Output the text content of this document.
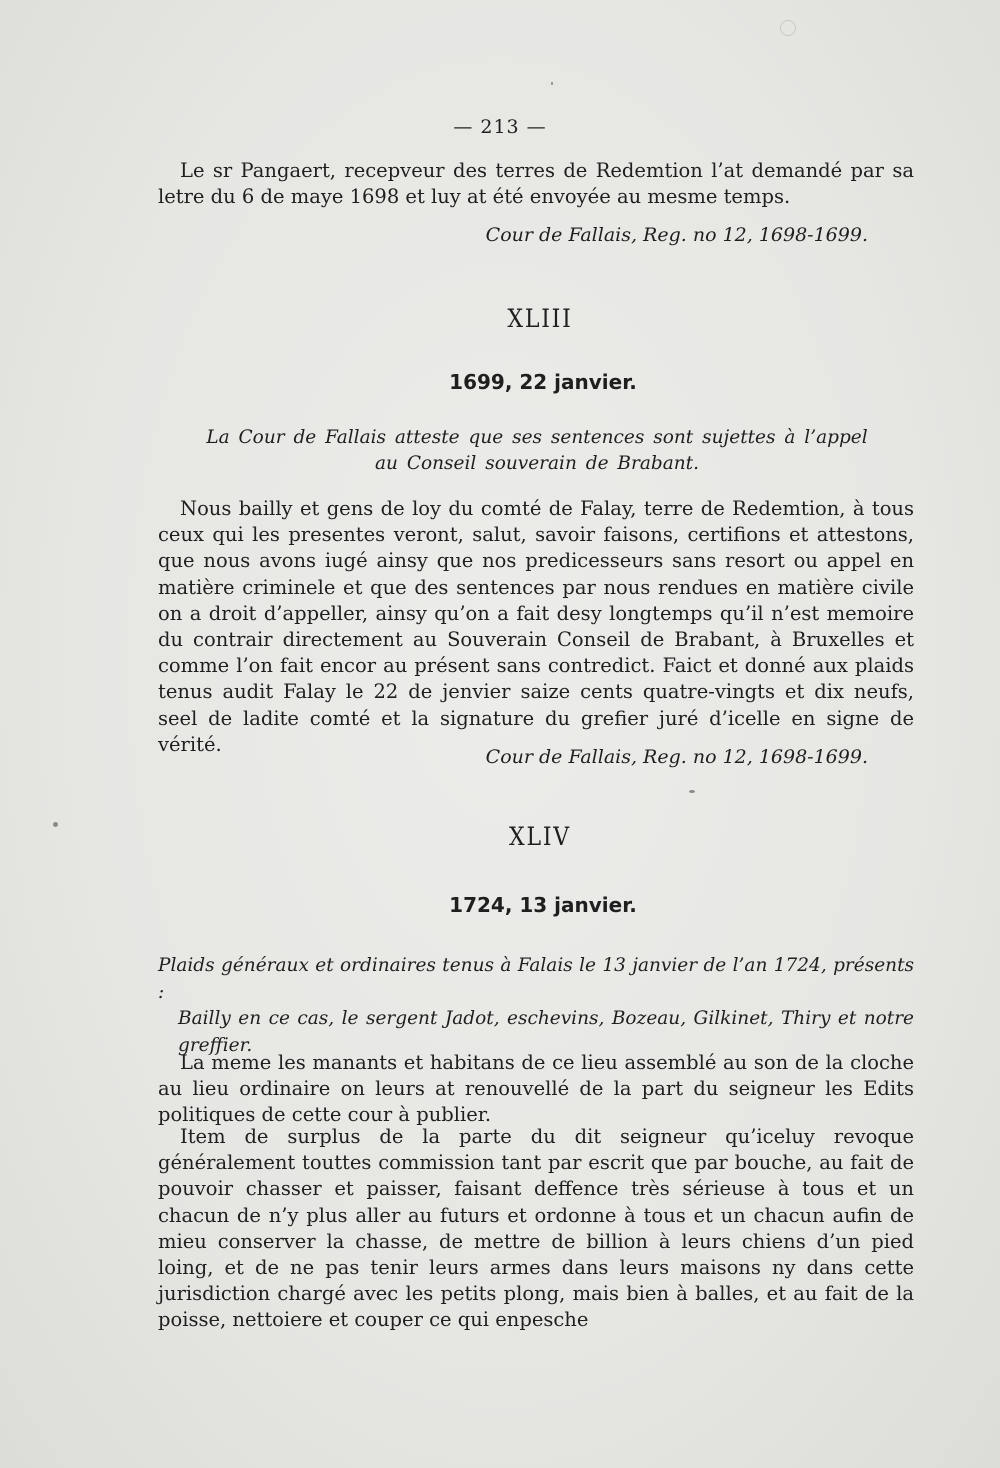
— 213 —

Le sr Pangaert, recepveur des terres de Redemtion l’at demandé par sa letre du 6 de maye 1698 et luy at été envoyée au mesme temps.

Cour de Fallais, Reg. no 12, 1698-1699.

XLIII
1699, 22 janvier.
La Cour de Fallais atteste que ses sentences sont sujettes à l’appel au Conseil souverain de Brabant.

Nous bailly et gens de loy du comté de Falay, terre de Redemtion, à tous ceux qui les presentes veront, salut, savoir faisons, certifions et attestons, que nous avons iugé ainsy que nos predicesseurs sans resort ou appel en matière criminele et que des sentences par nous rendues en matière civile on a droit d’appeller, ainsy qu’on a fait desy longtemps qu’il n’est memoire du contrair directement au Souverain Conseil de Brabant, à Bruxelles et comme l’on fait encor au présent sans contredict. Faict et donné aux plaids tenus audit Falay le 22 de jenvier saize cents quatre-vingts et dix neufs, seel de ladite comté et la signature du grefier juré d’icelle en signe de vérité.

Cour de Fallais, Reg. no 12, 1698-1699.

XLIV
1724, 13 janvier.
Plaids généraux et ordinaires tenus à Falais le 13 janvier de l’an 1724, présents :
Bailly en ce cas, le sergent Jadot, eschevins, Bozeau, Gilkinet, Thiry et notre greffier.

La meme les manants et habitans de ce lieu assemblé au son de la cloche au lieu ordinaire on leurs at renouvellé de la part du seigneur les Edits politiques de cette cour à publier.

Item de surplus de la parte du dit seigneur qu’iceluy revoque généralement touttes commission tant par escrit que par bouche, au fait de pouvoir chasser et paisser, faisant deffence très sérieuse à tous et un chacun de n’y plus aller au futurs et ordonne à tous et un chacun aufin de mieu conserver la chasse, de mettre de billion à leurs chiens d’un pied loing, et de ne pas tenir leurs armes dans leurs maisons ny dans cette jurisdiction chargé avec les petits plong, mais bien à balles, et au fait de la poisse, nettoiere et couper ce qui enpesche
